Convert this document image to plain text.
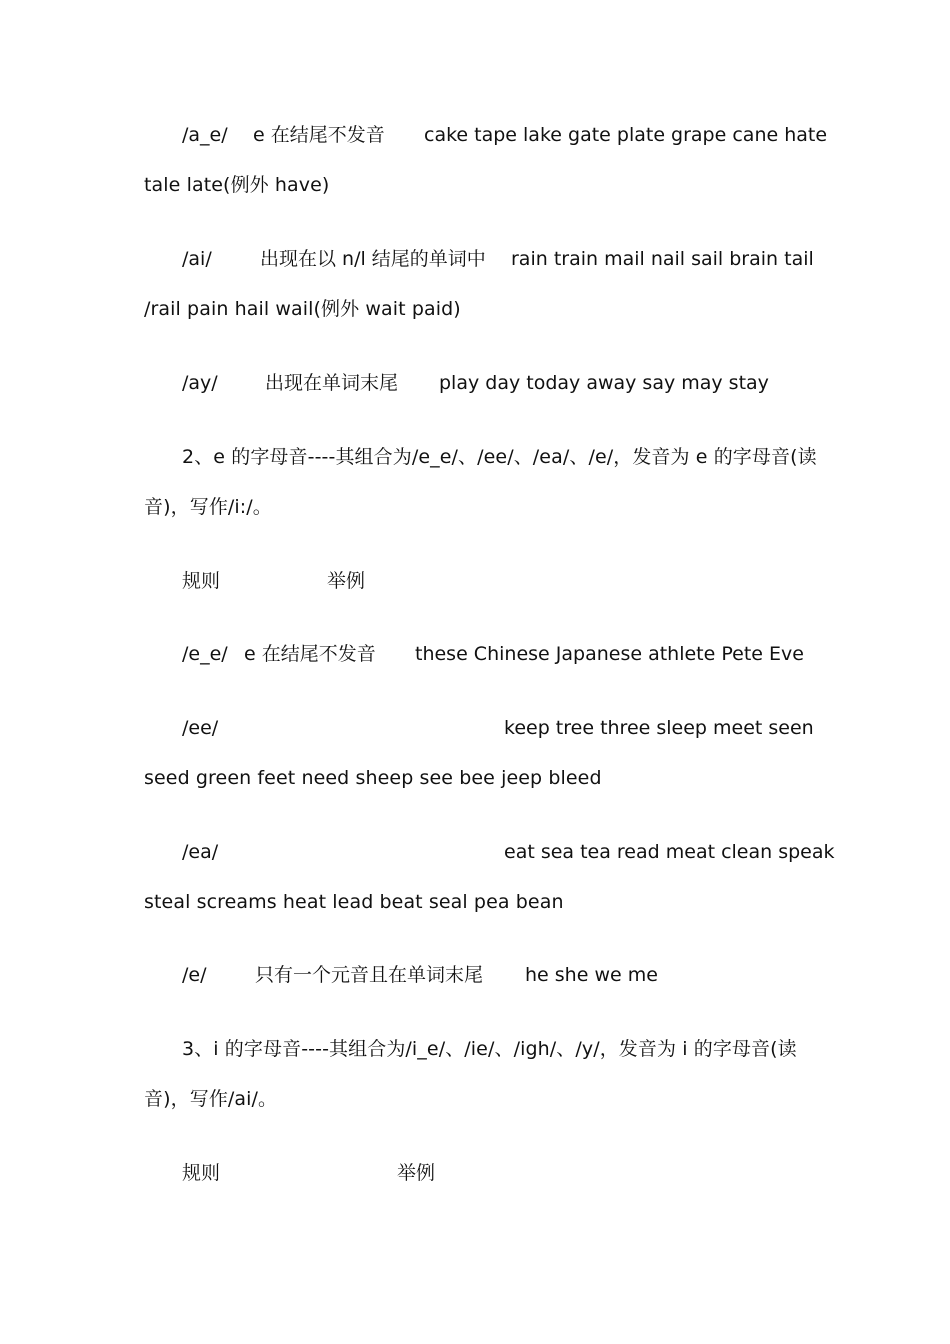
/a_e/ e 在结尾不发音 cake tape lake gate plate grape cane hate
tale late(例外 have)
/ai/	出现在以 n/l 结尾的单词中 rain train mail nail sail brain tail
/rail pain hail wail(例外 wait paid)
/ay/ 出现在单词末尾 play day today away say may stay
2、e 的字母音----其组合为/e_e/、/ee/、/ea/、/e/，发音为 e 的字母音(读
音)，写作/i:/。
规则	举例
/e_e/ e 在结尾不发音 these Chinese Japanese athlete Pete Eve
/ee/	keep tree three sleep meet seen
seed green feet need sheep see bee jeep bleed
/ea/	eat sea tea read meat clean speak
steal screams heat lead beat seal pea bean
/e/	只有一个元音且在单词末尾 he she we me
3、i 的字母音----其组合为/i_e/、/ie/、/igh/、/y/，发音为 i 的字母音(读
音)，写作/ai/。
规则	举例
